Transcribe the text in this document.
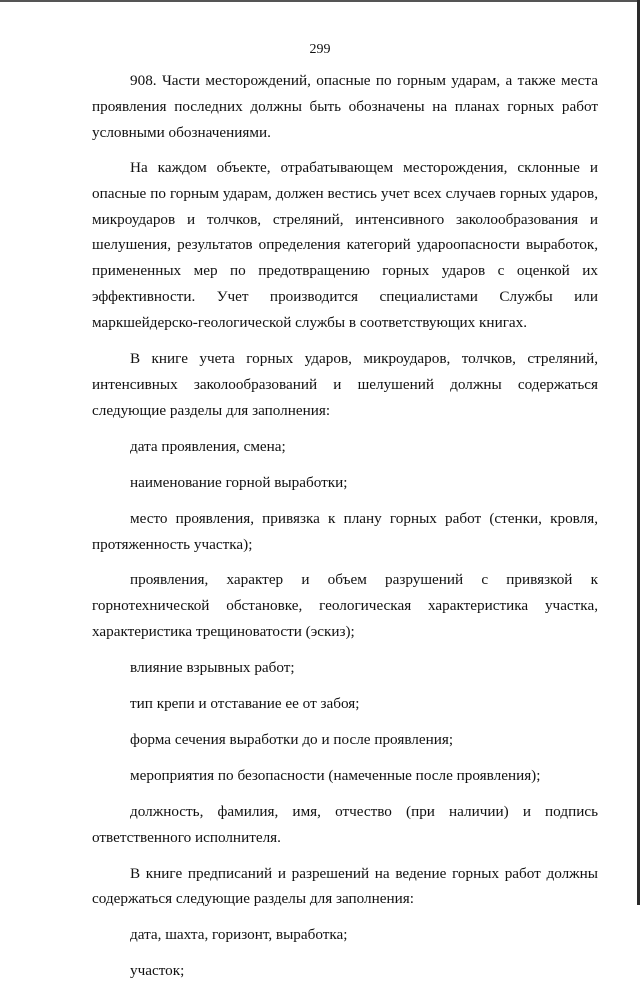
299

908. Части месторождений, опасные по горным ударам, а также места проявления последних должны быть обозначены на планах горных работ условными обозначениями.

На каждом объекте, отрабатывающем месторождения, склонные и опасные по горным ударам, должен вестись учет всех случаев горных ударов, микроударов и толчков, стреляний, интенсивного заколообразования и шелушения, результатов определения категорий удароопасности выработок, примененных мер по предотвращению горных ударов с оценкой их эффективности. Учет производится специалистами Службы или маркшейдерско-геологической службы в соответствующих книгах.

В книге учета горных ударов, микроударов, толчков, стреляний, интенсивных заколообразований и шелушений должны содержаться следующие разделы для заполнения:

дата проявления, смена;

наименование горной выработки;

место проявления, привязка к плану горных работ (стенки, кровля, протяженность участка);

проявления, характер и объем разрушений с привязкой к горнотехнической обстановке, геологическая характеристика участка, характеристика трещиноватости (эскиз);

влияние взрывных работ;

тип крепи и отставание ее от забоя;

форма сечения выработки до и после проявления;

мероприятия по безопасности (намеченные после проявления);

должность, фамилия, имя, отчество (при наличии) и подпись ответственного исполнителя.

В книге предписаний и разрешений на ведение горных работ должны содержаться следующие разделы для заполнения:

дата, шахта, горизонт, выработка;

участок;
